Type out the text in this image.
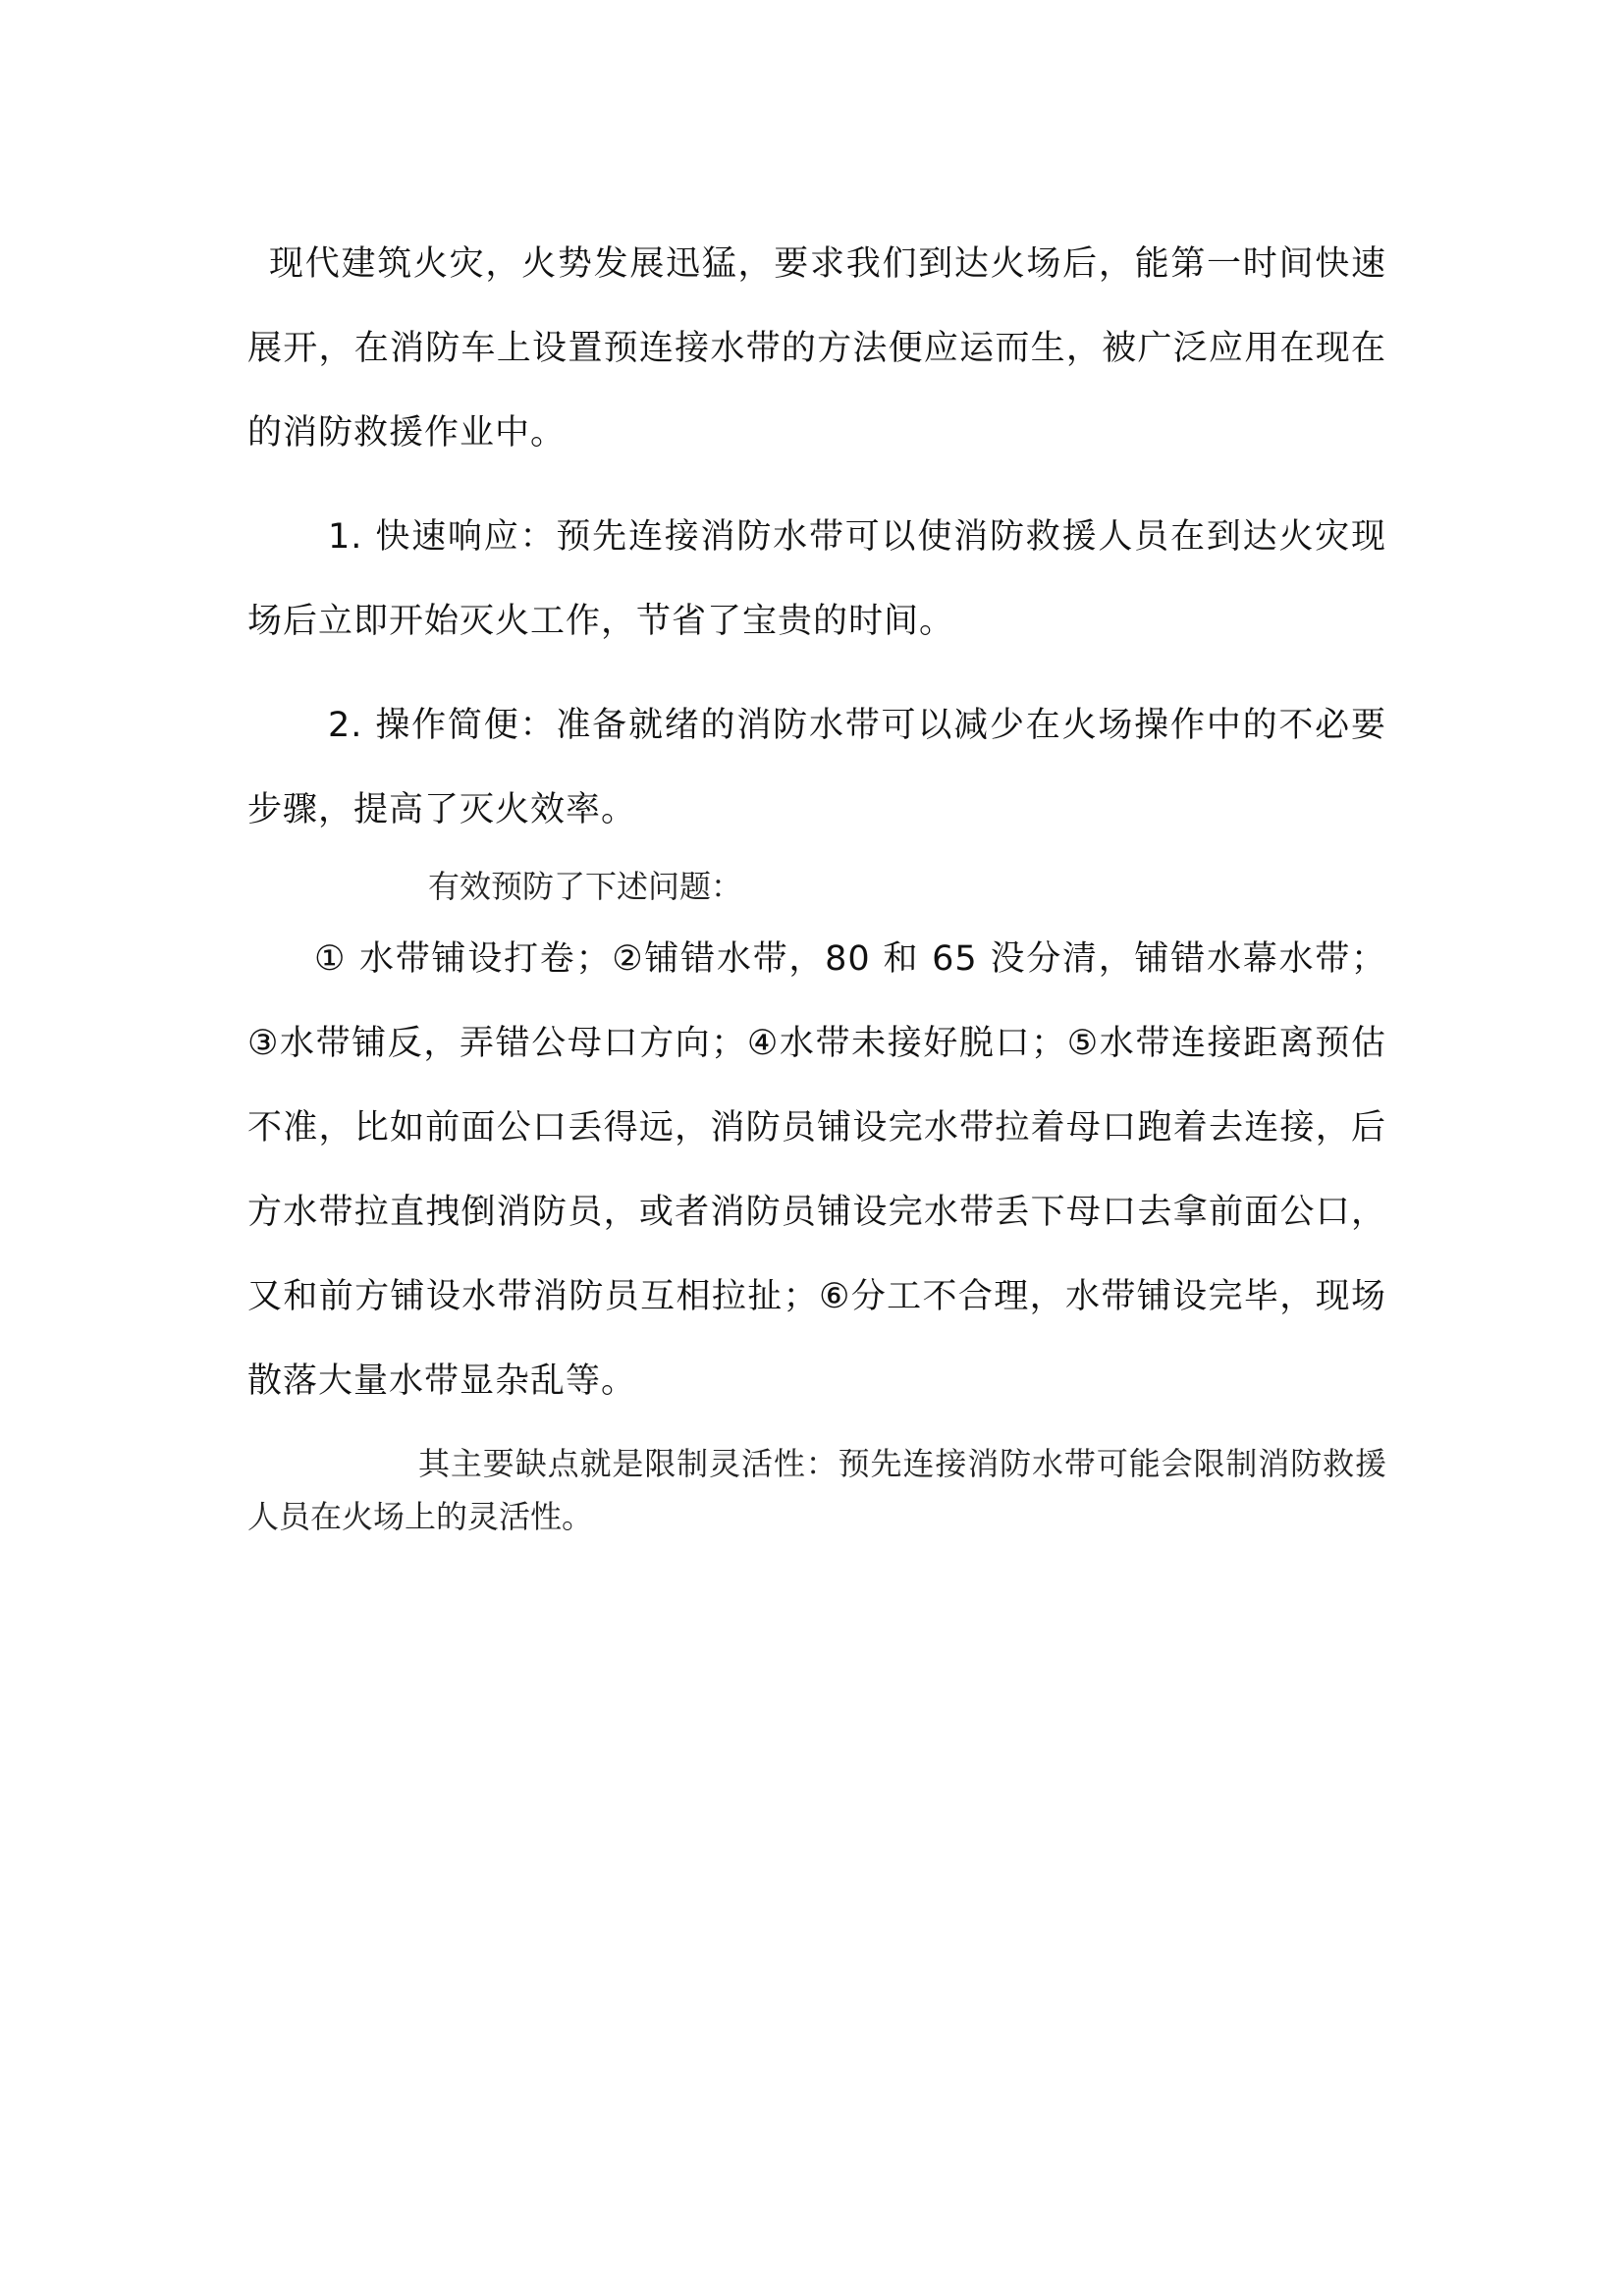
现代建筑火灾，火势发展迅猛，要求我们到达火场后，能第一时间快速展开，在消防车上设置预连接水带的方法便应运而生，被广泛应用在现在的消防救援作业中。

1. 快速响应：预先连接消防水带可以使消防救援人员在到达火灾现场后立即开始灭火工作，节省了宝贵的时间。

2. 操作简便：准备就绪的消防水带可以减少在火场操作中的不必要步骤，提高了灭火效率。

有效预防了下述问题：

① 水带铺设打卷；②铺错水带，80 和 65 没分清，铺错水幕水带；③水带铺反，弄错公母口方向；④水带未接好脱口；⑤水带连接距离预估不准，比如前面公口丢得远，消防员铺设完水带拉着母口跑着去连接，后方水带拉直拽倒消防员，或者消防员铺设完水带丢下母口去拿前面公口，又和前方铺设水带消防员互相拉扯；⑥分工不合理，水带铺设完毕，现场散落大量水带显杂乱等。

其主要缺点就是限制灵活性：预先连接消防水带可能会限制消防救援人员在火场上的灵活性。
